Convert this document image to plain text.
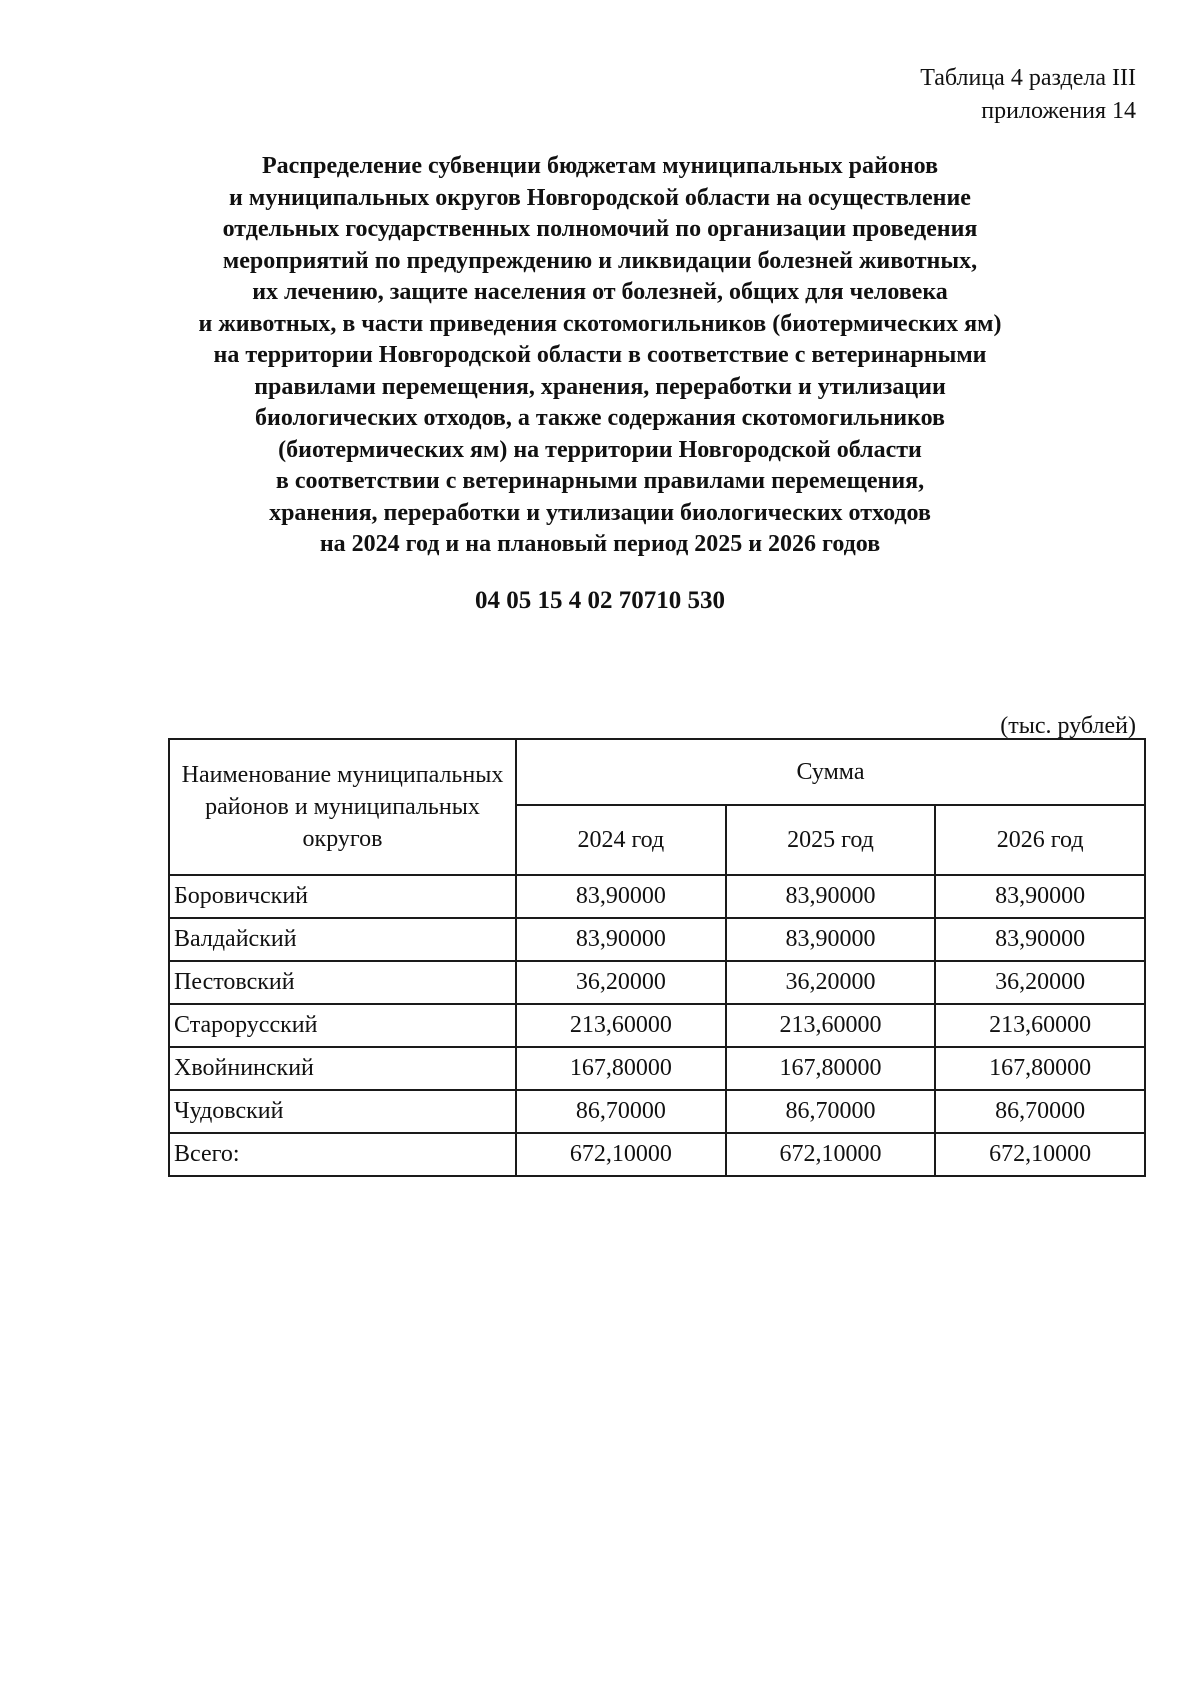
Таблица 4 раздела III
приложения 14
Распределение субвенции бюджетам муниципальных районов
и муниципальных округов Новгородской области на осуществление
отдельных государственных полномочий по организации проведения
мероприятий по предупреждению и ликвидации болезней животных,
их лечению, защите населения от болезней, общих для человека
и животных, в части приведения скотомогильников (биотермических ям)
на территории Новгородской области в соответствие с ветеринарными
правилами перемещения, хранения, переработки и утилизации
биологических отходов, а также содержания скотомогильников
(биотермических ям) на территории Новгородской области
в соответствии с ветеринарными правилами перемещения,
хранения, переработки и утилизации биологических отходов
на 2024 год и на плановый период 2025 и 2026 годов
04 05 15 4 02 70710 530
(тыс. рублей)
Наименование муниципальных районов и муниципальных округов	Сумма		
	2024 год	2025 год	2026 год
Боровичский	83,90000	83,90000	83,90000
Валдайский	83,90000	83,90000	83,90000
Пестовский	36,20000	36,20000	36,20000
Старорусский	213,60000	213,60000	213,60000
Хвойнинский	167,80000	167,80000	167,80000
Чудовский	86,70000	86,70000	86,70000
Всего:	672,10000	672,10000	672,10000
